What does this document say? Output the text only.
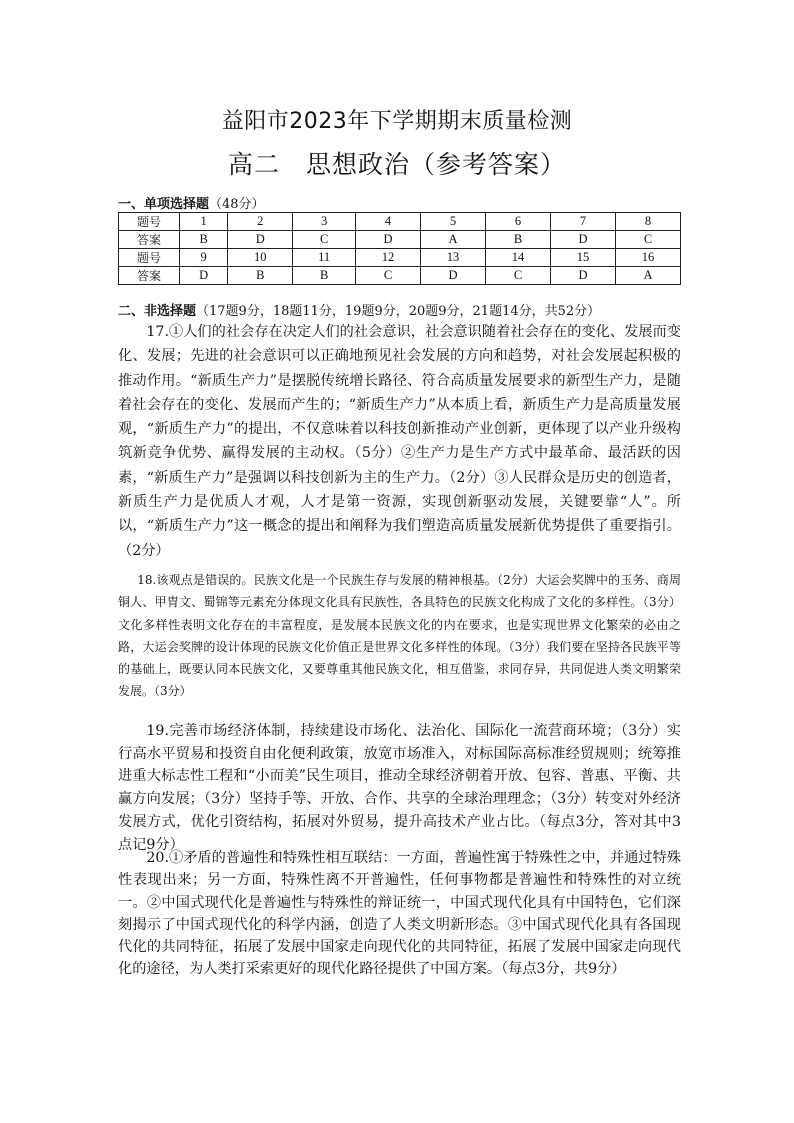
益阳市2023年下学期期末质量检测
高二　思想政治（参考答案）
一、单项选择题（48分）
题号	1	2	3	4	5	6	7	8
答案	B	D	C	D	A	B	D	C
题号	9	10	11	12	13	14	15	16
答案	D	B	B	C	D	C	D	A
二、非选择题（17题9分，18题11分，19题9分，20题9分，21题14分，共52分）

17.①人们的社会存在决定人们的社会意识，社会意识随着社会存在的变化、发展而变化、发展；先进的社会意识可以正确地预见社会发展的方向和趋势，对社会发展起积极的推动作用。“新质生产力”是摆脱传统增长路径、符合高质量发展要求的新型生产力，是随着社会存在的变化、发展而产生的；“新质生产力”从本质上看，新质生产力是高质量发展观，“新质生产力”的提出，不仅意味着以科技创新推动产业创新，更体现了以产业升级构筑新竞争优势、赢得发展的主动权。（5分）②生产力是生产方式中最革命、最活跃的因素，“新质生产力”是强调以科技创新为主的生产力。（2分）③人民群众是历史的创造者，新质生产力是优质人才观，人才是第一资源，实现创新驱动发展，关键要靠“人”。所以，“新质生产力”这一概念的提出和阐释为我们塑造高质量发展新优势提供了重要指引。（2分）

18.该观点是错误的。民族文化是一个民族生存与发展的精神根基。（2分）大运会奖牌中的玉务、商周铜人、甲胄文、蜀锦等元素充分体现文化具有民族性，各具特色的民族文化构成了文化的多样性。（3分）文化多样性表明文化存在的丰富程度，是发展本民族文化的内在要求，也是实现世界文化繁荣的必由之路，大运会奖牌的设计体现的民族文化价值正是世界文化多样性的体现。（3分）我们要在坚持各民族平等的基础上，既要认同本民族文化，又要尊重其他民族文化，相互借鉴，求同存异，共同促进人类文明繁荣发展。（3分）

19.完善市场经济体制，持续建设市场化、法治化、国际化一流营商环境；（3分）实行高水平贸易和投资自由化便利政策，放宽市场准入，对标国际高标准经贸规则；统筹推进重大标志性工程和“小而美”民生项目，推动全球经济朝着开放、包容、普惠、平衡、共赢方向发展；（3分）坚持手等、开放、合作、共享的全球治理理念；（3分）转变对外经济发展方式，优化引资结构，拓展对外贸易，提升高技术产业占比。（每点3分，答对其中3点记9分）

20.①矛盾的普遍性和特殊性相互联结：一方面，普遍性寓于特殊性之中，并通过特殊性表现出来；另一方面，特殊性离不开普遍性，任何事物都是普遍性和特殊性的对立统一。②中国式现代化是普遍性与特殊性的辩证统一，中国式现代化具有中国特色，它们深刻揭示了中国式现代化的科学内涵，创造了人类文明新形态。③中国式现代化具有各国现代化的共同特征，拓展了发展中国家走向现代化的共同特征，拓展了发展中国家走向现代化的途径，为人类打采索更好的现代化路径提供了中国方案。（每点3分，共9分）
